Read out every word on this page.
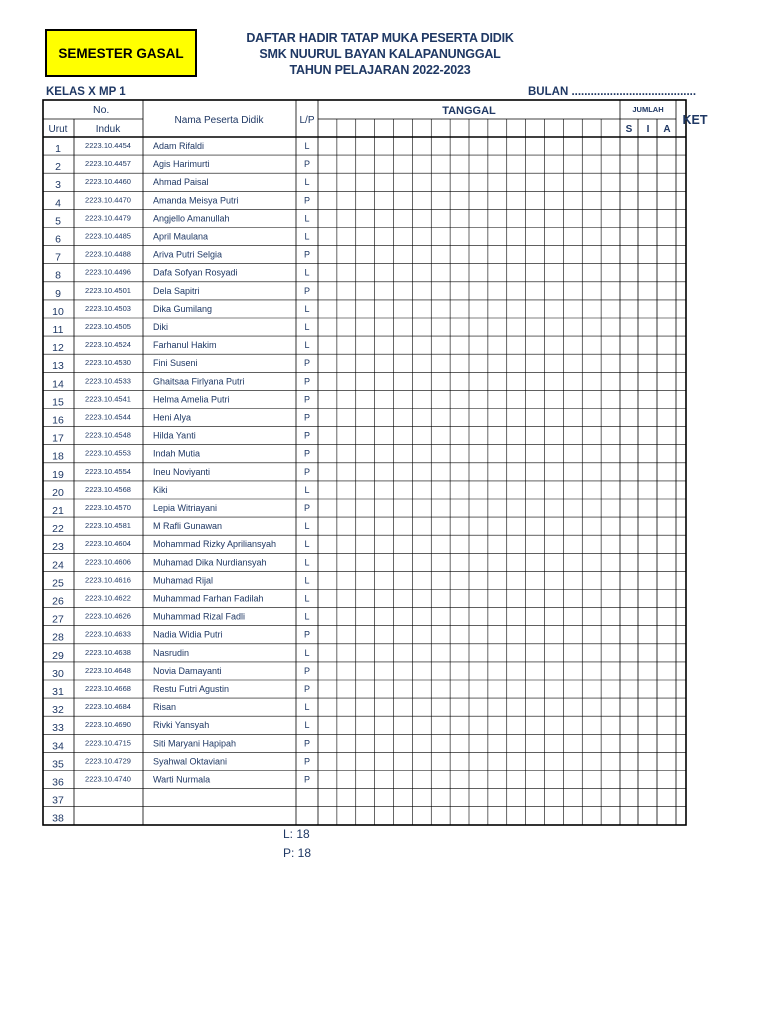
SEMESTER GASAL
DAFTAR HADIR TATAP MUKA PESERTA DIDIK
SMK NUURUL BAYAN KALAPANUNGGAL
TAHUN PELAJARAN 2022-2023
KELAS X MP 1	BULAN .......................................
No.
Urut	Induk
Nama Peserta Didik	L/P
TANGGAL	JUMLAH
S I A
KET
1	2223.10.4454 Adam Rifaldi	L
2	2223.10.4457 Agis Harimurti	P
3	2223.10.4460 Ahmad Paisal	L
4	2223.10.4470 Amanda Meisya Putri	P
5	2223.10.4479 Angjello Amanullah	L
6	2223.10.4485 April Maulana	L
7	2223.10.4488 Ariva Putri Selgia	P
8	2223.10.4496 Dafa Sofyan Rosyadi	L
9	2223.10.4501 Dela Sapitri	P
10	2223.10.4503 Dika Gumilang	L
11	2223.10.4505 Diki	L
12	2223.10.4524 Farhanul Hakim	L
13	2223.10.4530 Fini Suseni	P
14	2223.10.4533 Ghaitsaa Firlyana Putri	P
15	2223.10.4541 Helma Amelia Putri	P
16	2223.10.4544 Heni Alya	P
17	2223.10.4548 Hilda Yanti	P
18	2223.10.4553 Indah Mutia	P
19	2223.10.4554 Ineu Noviyanti	P
20	2223.10.4568 Kiki	L
21	2223.10.4570 Lepia Witriayani	P
22	2223.10.4581 M Rafli Gunawan	L
23	2223.10.4604 Mohammad Rizky Apriliansyah	L
24	2223.10.4606 Muhamad Dika Nurdiansyah	L
25	2223.10.4616 Muhamad Rijal	L
26	2223.10.4622 Muhammad Farhan Fadilah	L
27	2223.10.4626 Muhammad Rizal Fadli	L
28	2223.10.4633 Nadia Widia Putri	P
29	2223.10.4638 Nasrudin	L
30	2223.10.4648 Novia Damayanti	P
31	2223.10.4668 Restu Futri Agustin	P
32	2223.10.4684 Risan	L
33	2223.10.4690 Rivki Yansyah	L
34	2223.10.4715 Siti Maryani Hapipah	P
35	2223.10.4729 Syahwal Oktaviani	P
36	2223.10.4740 Warti Nurmala	P
37
38
L: 18
P: 18
